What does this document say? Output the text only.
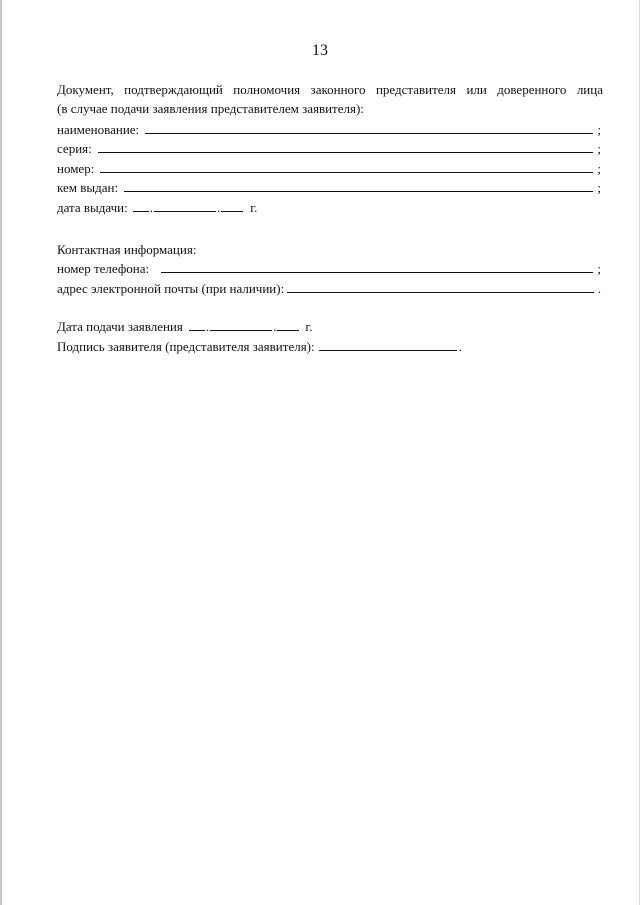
13
Документ, подтверждающий полномочия законного представителя или доверенного лица
(в случае подачи заявления представителем заявителя):
наименование:	;
серия:	;
номер:	;
кем выдан:	;
дата выдачи: .	. г.
Контактная информация:
номер телефона:	;
адрес электронной почты (при наличии):	.
Дата подачи заявления .	. г.
Подпись заявителя (представителя заявителя):	.
